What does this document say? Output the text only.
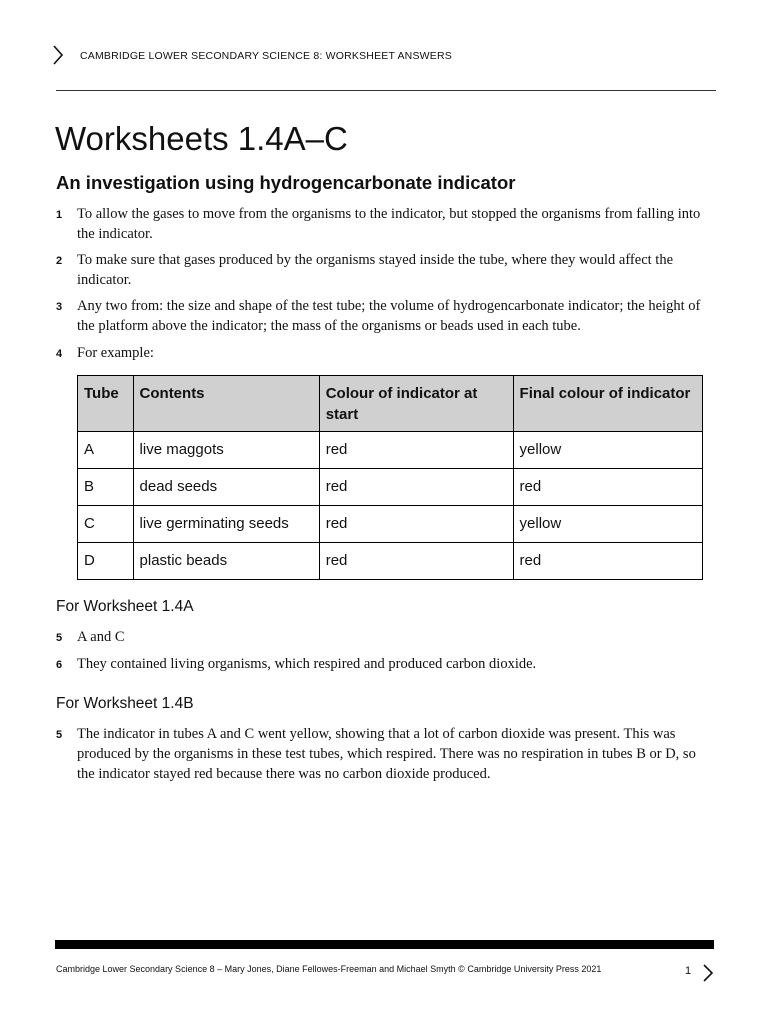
CAMBRIDGE LOWER SECONDARY SCIENCE 8: WORKSHEET ANSWERS
Worksheets 1.4A–C
An investigation using hydrogencarbonate indicator
1 To allow the gases to move from the organisms to the indicator, but stopped the organisms from falling into the indicator.
2 To make sure that gases produced by the organisms stayed inside the tube, where they would affect the indicator.
3 Any two from: the size and shape of the test tube; the volume of hydrogencarbonate indicator; the height of the platform above the indicator; the mass of the organisms or beads used in each tube.
4 For example:
Tube	Contents	Colour of indicator at start	Final colour of indicator
A	live maggots	red	yellow
B	dead seeds	red	red
C	live germinating seeds	red	yellow
D	plastic beads	red	red
For Worksheet 1.4A
5 A and C
6 They contained living organisms, which respired and produced carbon dioxide.
For Worksheet 1.4B
5 The indicator in tubes A and C went yellow, showing that a lot of carbon dioxide was present. This was produced by the organisms in these test tubes, which respired. There was no respiration in tubes B or D, so the indicator stayed red because there was no carbon dioxide produced.
Cambridge Lower Secondary Science 8 – Mary Jones, Diane Fellowes-Freeman and Michael Smyth © Cambridge University Press 2021	1
